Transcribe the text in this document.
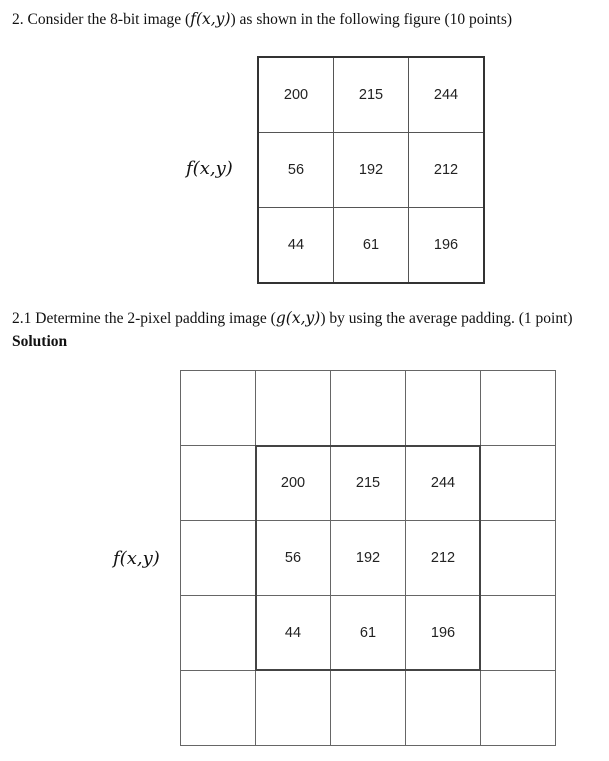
2. Consider the 8-bit image (f(x,y)) as shown in the following figure (10 points)
f(x,y)
200	215	244
56	192	212
44	61	196
2.1 Determine the 2-pixel padding image (g(x,y)) by using the average padding. (1 point)
Solution
f(x,y)

	200	215	244	
	56	192	212	
	44	61	196	
